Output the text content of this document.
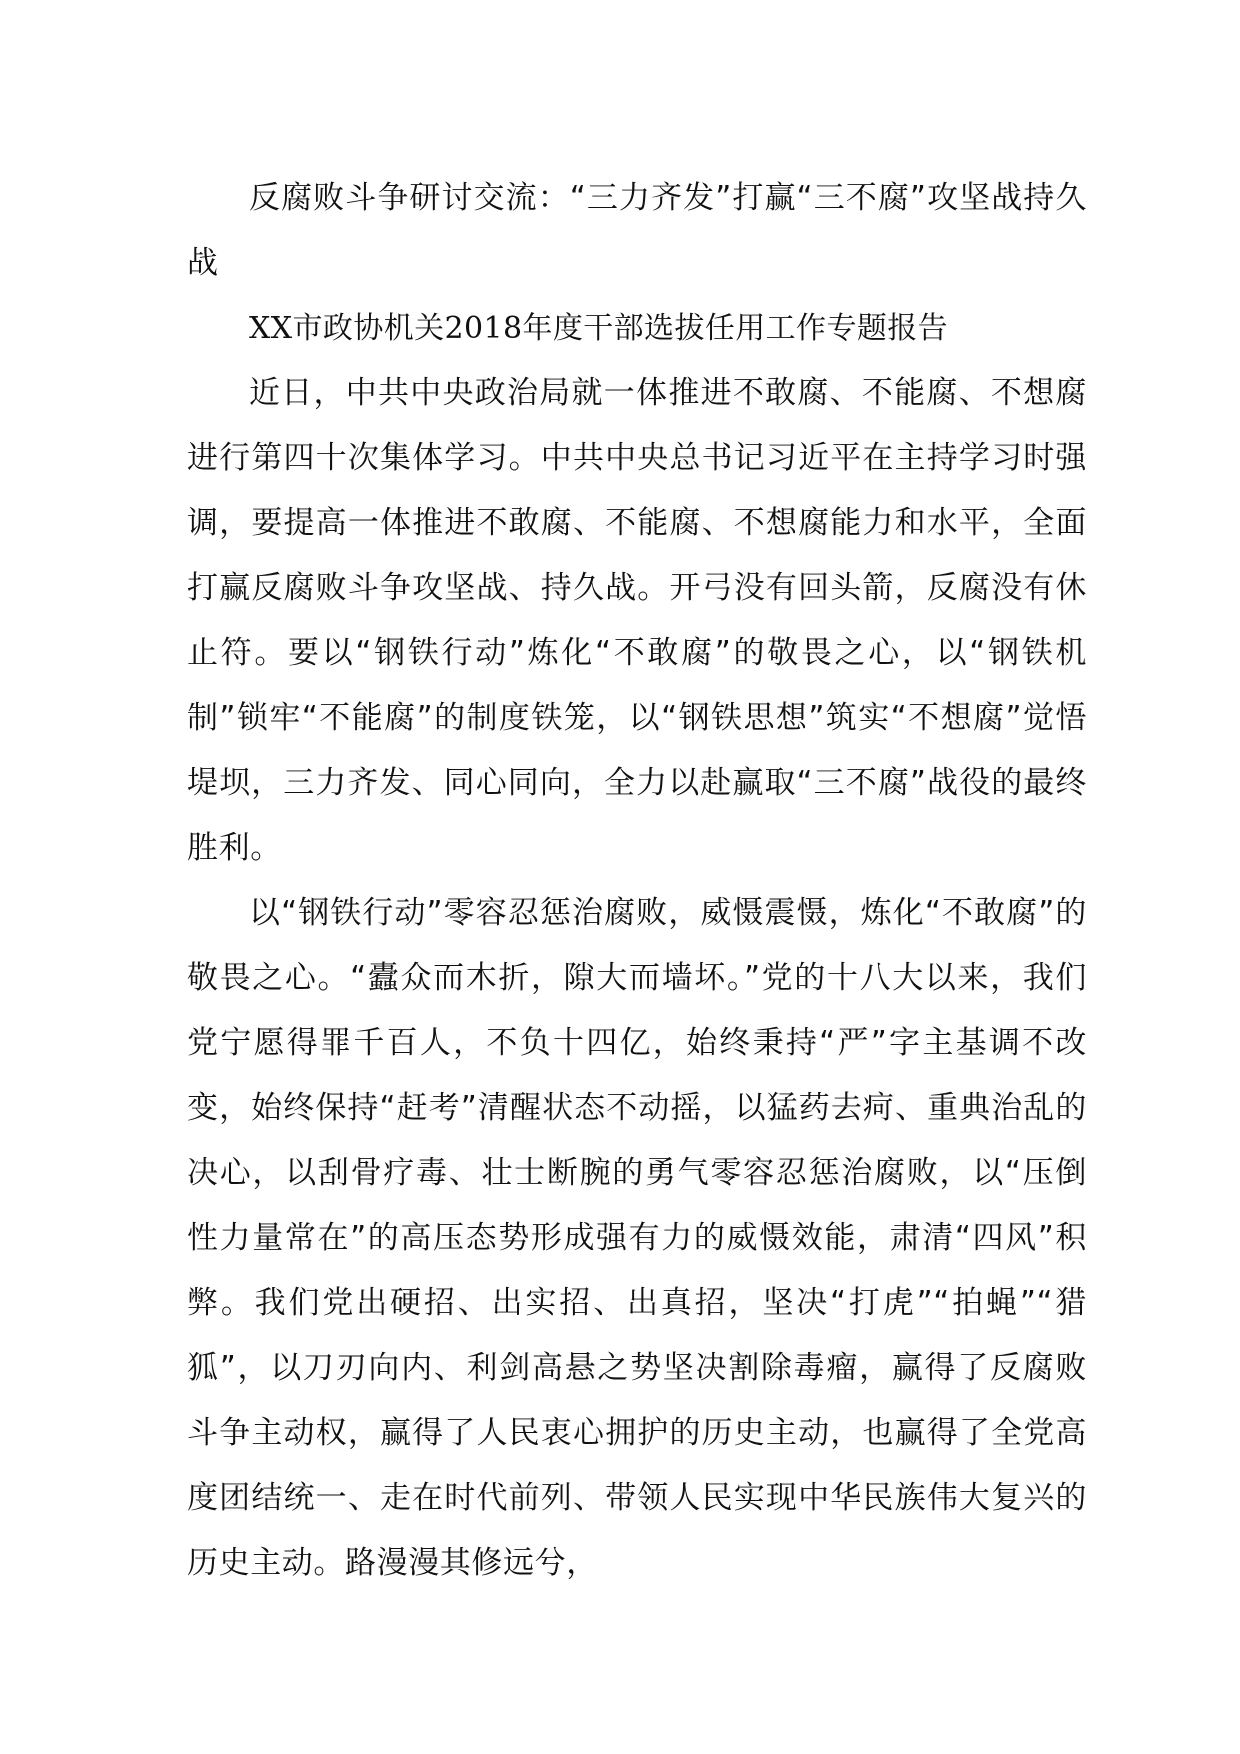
反腐败斗争研讨交流：“三力齐发”打赢“三不腐”攻坚战持久战

XX市政协机关2018年度干部选拔任用工作专题报告

近日，中共中央政治局就一体推进不敢腐、不能腐、不想腐进行第四十次集体学习。中共中央总书记习近平在主持学习时强调，要提高一体推进不敢腐、不能腐、不想腐能力和水平，全面打赢反腐败斗争攻坚战、持久战。开弓没有回头箭，反腐没有休止符。要以“钢铁行动”炼化“不敢腐”的敬畏之心，以“钢铁机制”锁牢“不能腐”的制度铁笼，以“钢铁思想”筑实“不想腐”觉悟堤坝，三力齐发、同心同向，全力以赴赢取“三不腐”战役的最终胜利。

以“钢铁行动”零容忍惩治腐败，威慑震慑，炼化“不敢腐”的敬畏之心。“蠹众而木折，隙大而墙坏。”党的十八大以来，我们党宁愿得罪千百人，不负十四亿，始终秉持“严”字主基调不改变，始终保持“赶考”清醒状态不动摇，以猛药去疴、重典治乱的决心，以刮骨疗毒、壮士断腕的勇气零容忍惩治腐败，以“压倒性力量常在”的高压态势形成强有力的威慑效能，肃清“四风”积弊。我们党出硬招、出实招、出真招，坚决“打虎”“拍蝇”“猎狐”，以刀刃向内、利剑高悬之势坚决割除毒瘤，赢得了反腐败斗争主动权，赢得了人民衷心拥护的历史主动，也赢得了全党高度团结统一、走在时代前列、带领人民实现中华民族伟大复兴的历史主动。路漫漫其修远兮，
